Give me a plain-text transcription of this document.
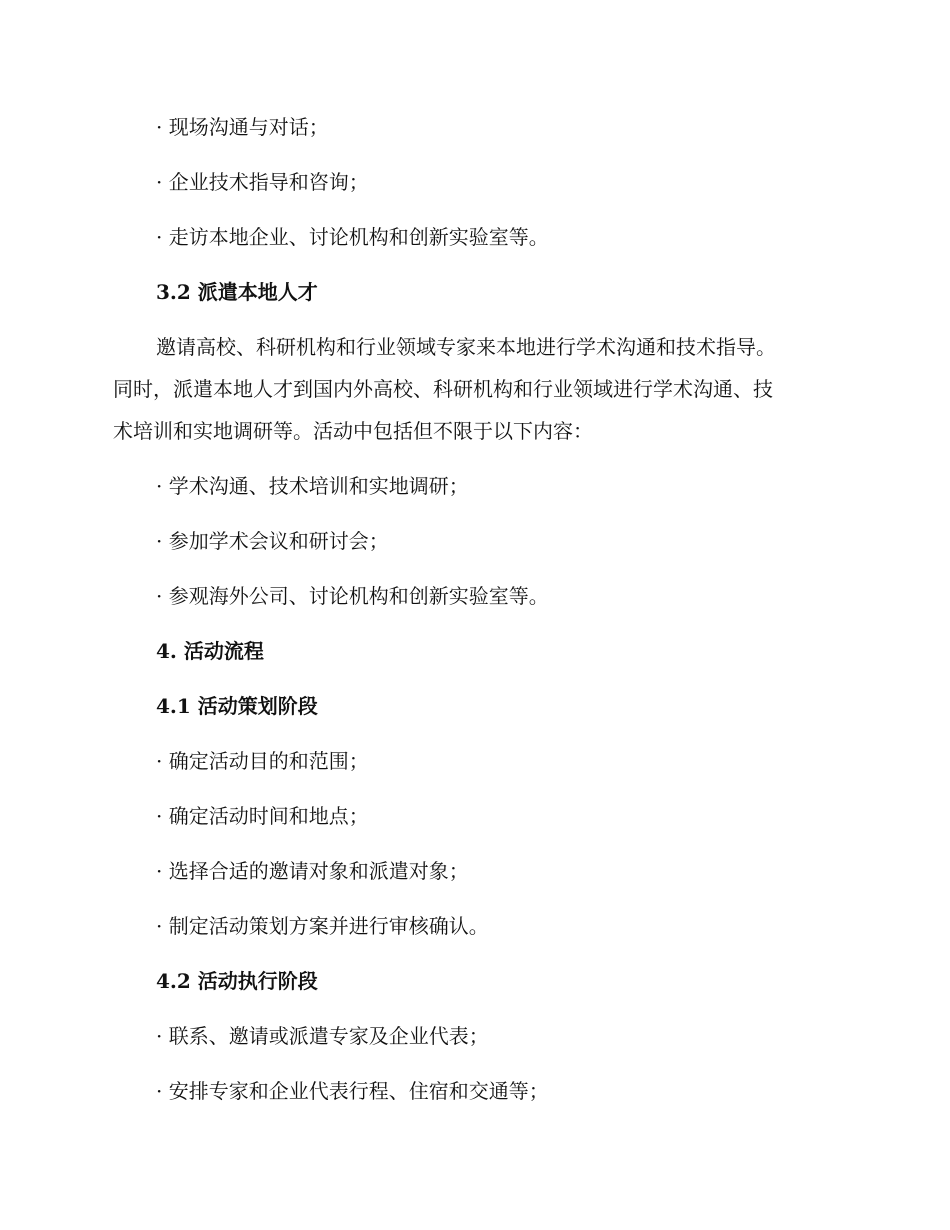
· 现场沟通与对话；
· 企业技术指导和咨询；
· 走访本地企业、讨论机构和创新实验室等。
3.2 派遣本地人才
邀请高校、科研机构和行业领域专家来本地进行学术沟通和技术指导。
同时，派遣本地人才到国内外高校、科研机构和行业领域进行学术沟通、技
术培训和实地调研等。活动中包括但不限于以下内容：
· 学术沟通、技术培训和实地调研；
· 参加学术会议和研讨会；
· 参观海外公司、讨论机构和创新实验室等。
4. 活动流程
4.1 活动策划阶段
· 确定活动目的和范围；
· 确定活动时间和地点；
· 选择合适的邀请对象和派遣对象；
· 制定活动策划方案并进行审核确认。
4.2 活动执行阶段
· 联系、邀请或派遣专家及企业代表；
· 安排专家和企业代表行程、住宿和交通等；
